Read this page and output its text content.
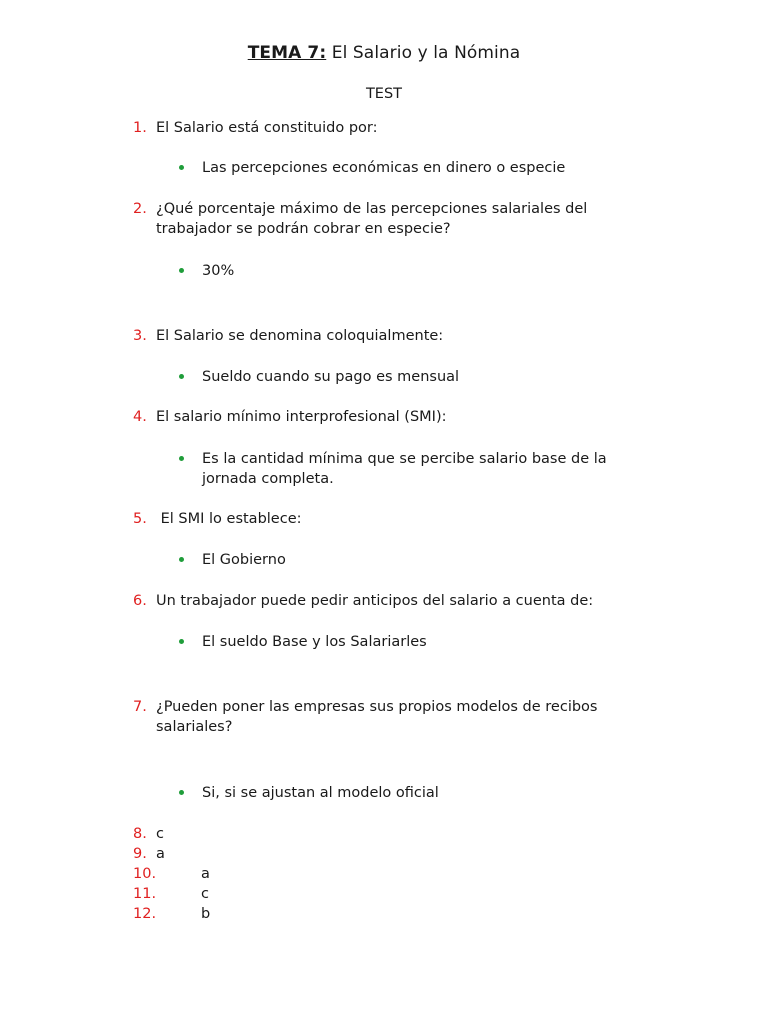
TEMA 7: El Salario y la Nómina
TEST
1. El Salario está constituido por:
Las percepciones económicas en dinero o especie
2. ¿Qué porcentaje máximo de las percepciones salariales del trabajador se podrán cobrar en especie?
30%
3. El Salario se denomina coloquialmente:
Sueldo cuando su pago es mensual
4. El salario mínimo interprofesional (SMI):
Es la cantidad mínima que se percibe salario base de la jornada completa.
5. El SMI lo establece:
El Gobierno
6. Un trabajador puede pedir anticipos del salario a cuenta de:
El sueldo Base y los Salariarles
7. ¿Pueden poner las empresas sus propios modelos de recibos salariales?
Si, si se ajustan al modelo oficial
8. c
9. a
10.	a
11.	c
12.	b
